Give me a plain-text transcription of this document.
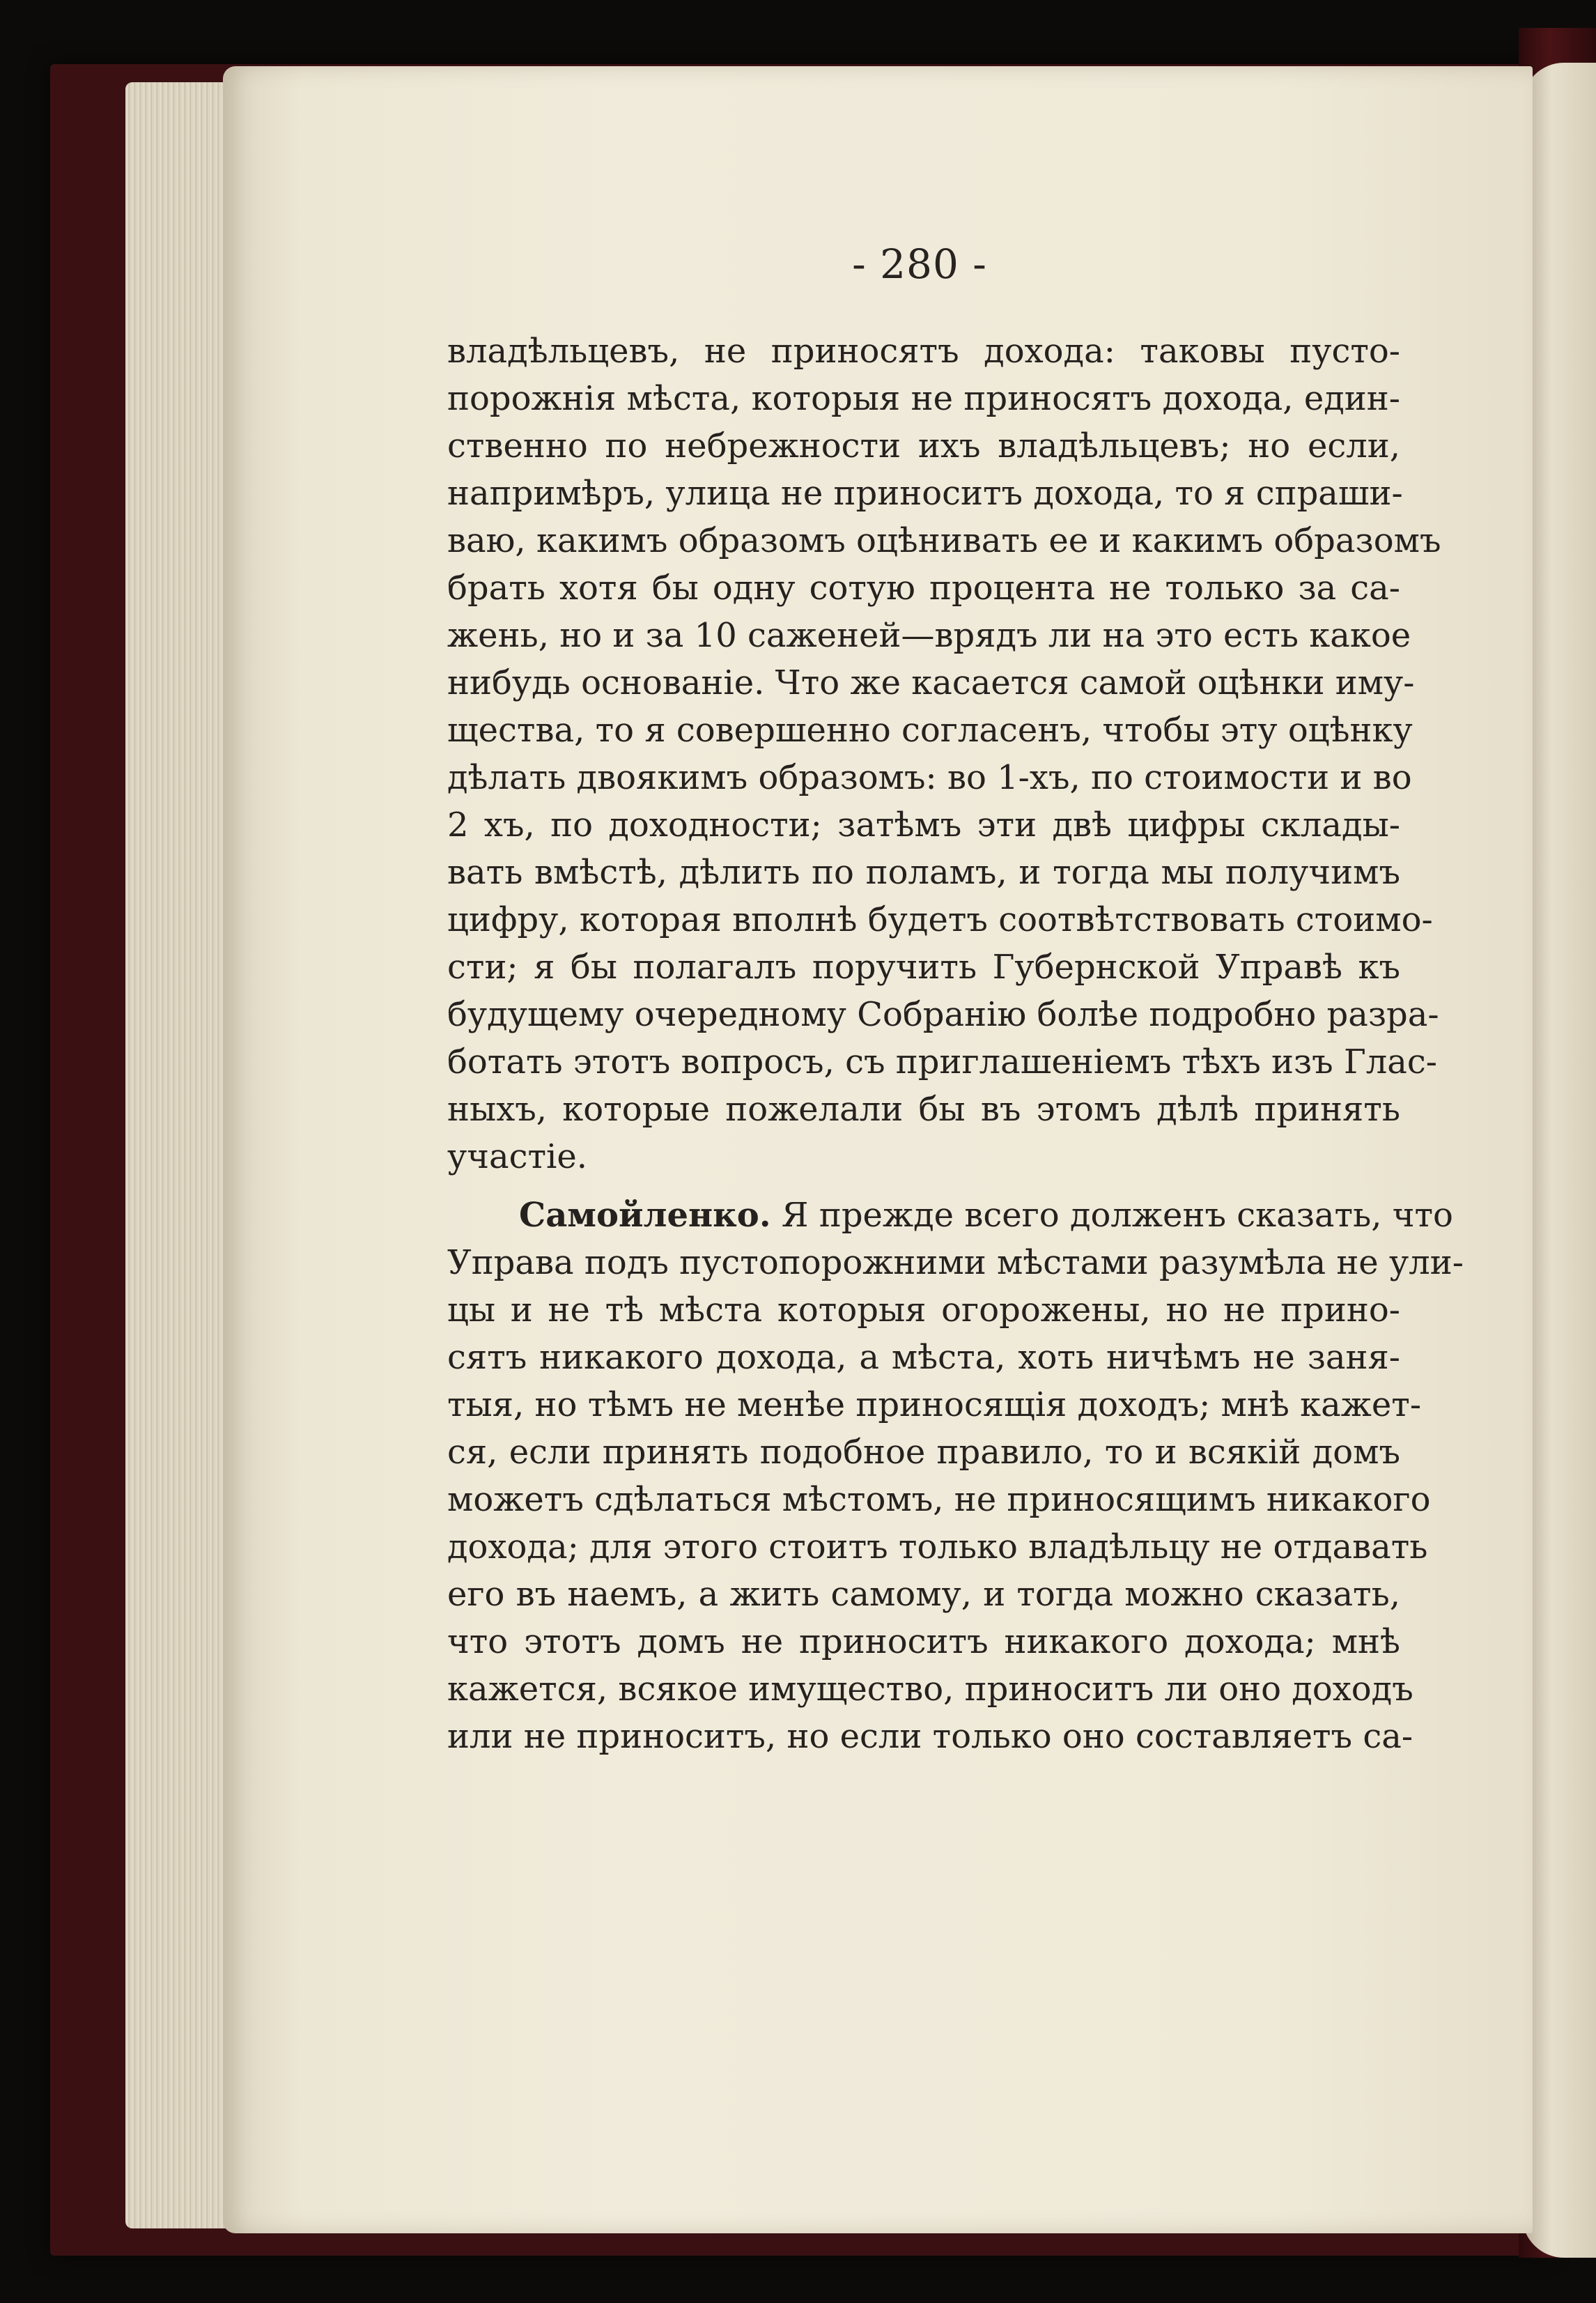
- 280 -
владѣльцевъ, не приносятъ дохода: таковы пусто-
порожнія мѣста, которыя не приносятъ дохода, един-
ственно по небрежности ихъ владѣльцевъ; но если,
напримѣръ, улица не приноситъ дохода, то я спраши-
ваю, какимъ образомъ оцѣнивать ее и какимъ образомъ
брать хотя бы одну сотую процента не только за са-
жень, но и за 10 саженей—врядъ ли на это есть какое
нибудь основаніе. Что же касается самой оцѣнки иму-
щества, то я совершенно согласенъ, чтобы эту оцѣнку
дѣлать двоякимъ образомъ: во 1-хъ, по стоимости и во
2 хъ, по доходности; затѣмъ эти двѣ цифры склады-
вать вмѣстѣ, дѣлить по поламъ, и тогда мы получимъ
цифру, которая вполнѣ будетъ соотвѣтствовать стоимо-
сти; я бы полагалъ поручить Губернской Управѣ къ
будущему очередному Собранію болѣе подробно разра-
ботать этотъ вопросъ, съ приглашеніемъ тѣхъ изъ Глас-
ныхъ, которые пожелали бы въ этомъ дѣлѣ принять
участіе.
Самойленко. Я прежде всего долженъ сказать, что
Управа подъ пустопорожними мѣстами разумѣла не ули-
цы и не тѣ мѣста которыя огорожены, но не прино-
сятъ никакого дохода, а мѣста, хоть ничѣмъ не заня-
тыя, но тѣмъ не менѣе приносящія доходъ; мнѣ кажет-
ся, если принять подобное правило, то и всякій домъ
можетъ сдѣлаться мѣстомъ, не приносящимъ никакого
дохода; для этого стоитъ только владѣльцу не отдавать
его въ наемъ, а жить самому, и тогда можно сказать,
что этотъ домъ не приноситъ никакого дохода; мнѣ
кажется, всякое имущество, приноситъ ли оно доходъ
или не приноситъ, но если только оно составляетъ са-
